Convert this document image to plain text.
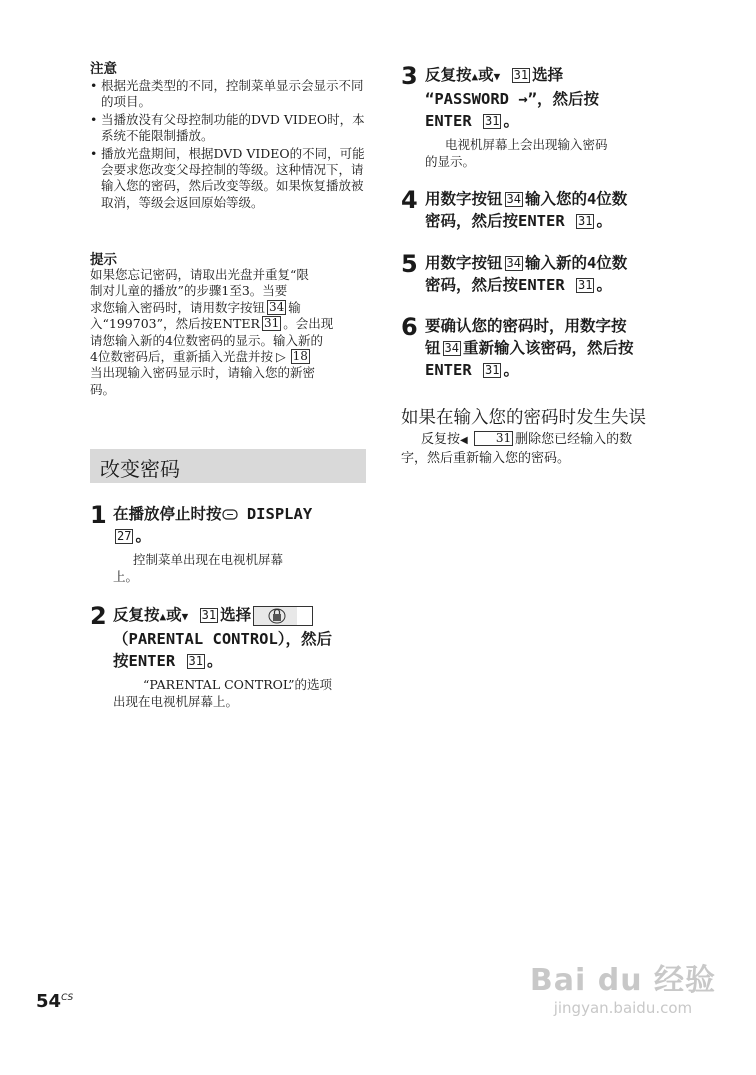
注意
• 根据光盘类型的不同，控制菜单显示会显示不同的项目。
• 当播放没有父母控制功能的DVD VIDEO时，本系统不能限制播放。
• 播放光盘期间，根据DVD VIDEO的不同，可能会要求您改变父母控制的等级。这种情况下，请输入您的密码，然后改变等级。如果恢复播放被取消，等级会返回原始等级。
提示
如果您忘记密码，请取出光盘并重复“限
制对儿童的播放”的步骤1至3。当要
求您输入密码时，请用数字按钮 34 输
入“199703”，然后按ENTER 31 。会出现
请您输入新的4位数密码的显示。输入新的
4位数密码后，重新插入光盘并按 ▷ 18
当出现输入密码显示时，请输入您的新密
码。
改变密码
1 在播放停止时按 DISPLAY
27 。
控制菜单出现在电视机屏幕
上。
2 反复按▲或▼ 31 选择
（PARENTAL CONTROL），然后
按ENTER 31 。
“PARENTAL CONTROL”的选项
出现在电视机屏幕上。
3 反复按▲或▼ 31 选择
“PASSWORD →”，然后按
ENTER 31 。
电视机屏幕上会出现输入密码
的显示。
4 用数字按钮 34 输入您的4位数
密码，然后按ENTER 31 。
5 用数字按钮 34 输入新的4位数
密码，然后按ENTER 31 。
6 要确认您的密码时，用数字按
钮 34 重新输入该密码，然后按
ENTER 31 。
如果在输入您的密码时发生失误
反复按◀ 31 删除您已经输入的数
字，然后重新输入您的密码。
$54^{CS}$	Bai du 经验
jingyan.baidu.com
